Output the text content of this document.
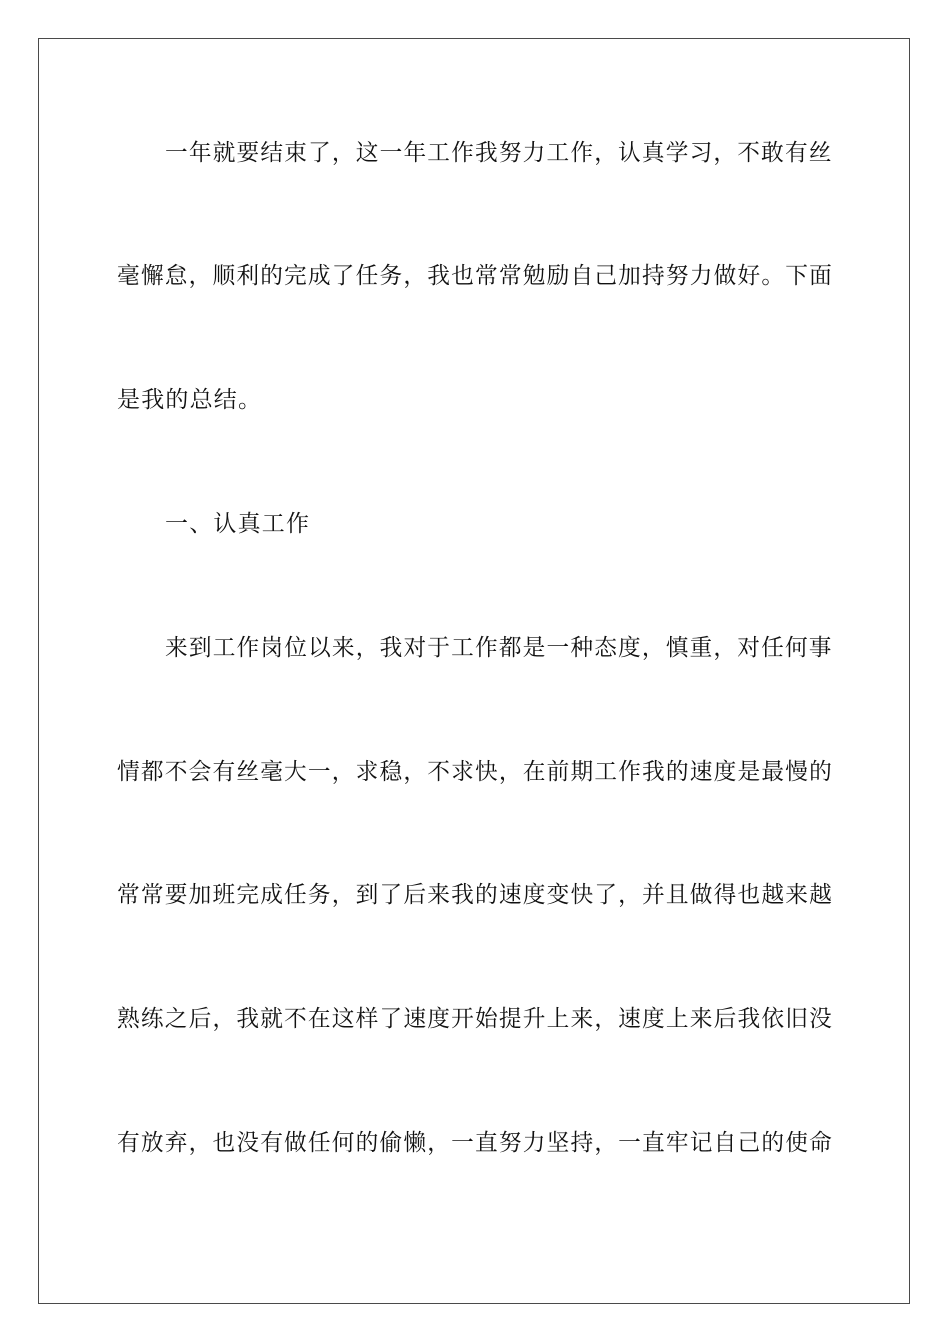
一年就要结束了，这一年工作我努力工作，认真学习，不敢有丝
毫懈怠，顺利的完成了任务，我也常常勉励自己加持努力做好。下面
是我的总结。
一、认真工作
来到工作岗位以来，我对于工作都是一种态度，慎重，对任何事
情都不会有丝毫大一，求稳，不求快，在前期工作我的速度是最慢的
常常要加班完成任务，到了后来我的速度变快了，并且做得也越来越
熟练之后，我就不在这样了速度开始提升上来，速度上来后我依旧没
有放弃，也没有做任何的偷懒，一直努力坚持，一直牢记自己的使命
